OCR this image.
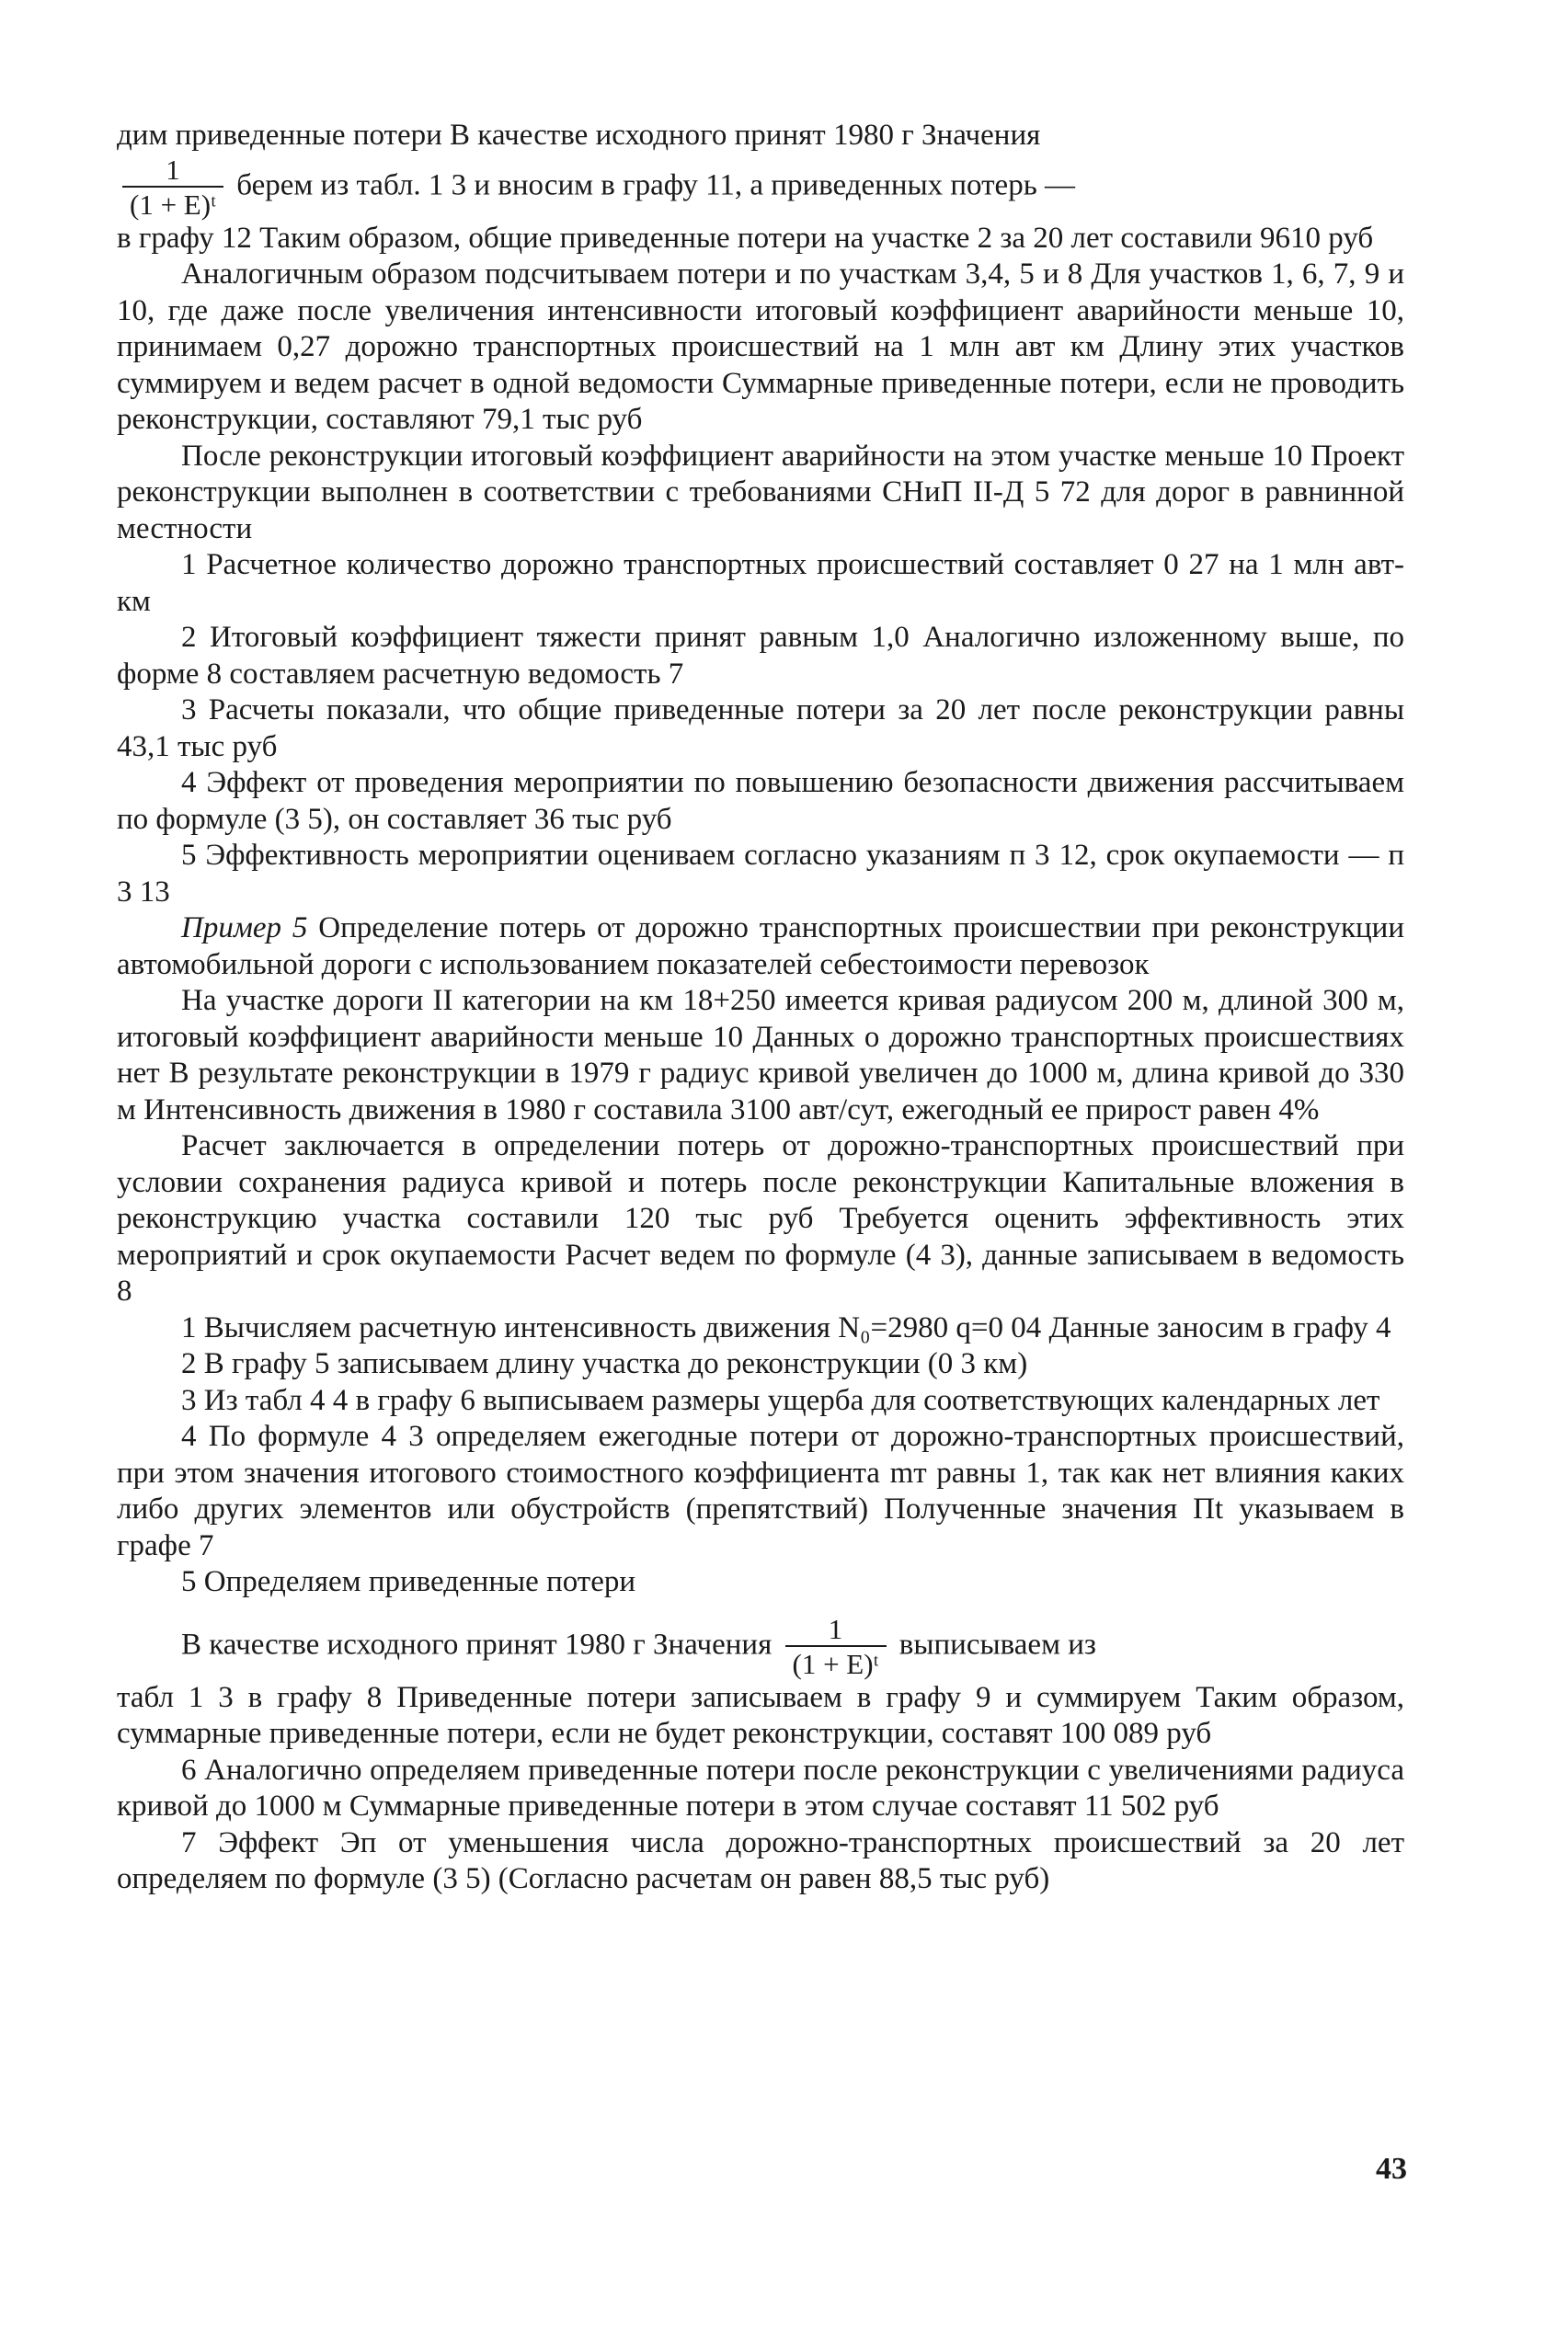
дим приведенные потери В качестве исходного принят 1980 г Значения

$\frac{1}{\text{(1 + E)ᵗ}}$ берем из табл. 1 3 и вносим в графу 11, а приведенных потерь —

в графу 12 Таким образом, общие приведенные потери на участке 2 за 20 лет составили 9610 руб

Аналогичным образом подсчитываем потери и по участкам 3,4, 5 и 8 Для участков 1, 6, 7, 9 и 10, где даже после увеличения интенсивности итоговый коэффициент аварийности меньше 10, принимаем 0,27 дорожно транспортных происшествий на 1 млн авт км Длину этих участков суммируем и ведем расчет в одной ведомости Суммарные приведенные потери, если не проводить реконструкции, составляют 79,1 тыс руб

После реконструкции итоговый коэффициент аварийности на этом участке меньше 10 Проект реконструкции выполнен в соответствии с требованиями СНиП II-Д 5 72 для дорог в равнинной местности

1 Расчетное количество дорожно транспортных происшествий составляет 0 27 на 1 млн авт-км

2 Итоговый коэффициент тяжести принят равным 1,0 Аналогично изложенному выше, по форме 8 составляем расчетную ведомость 7

3 Расчеты показали, что общие приведенные потери за 20 лет после реконструкции равны 43,1 тыс руб

4 Эффект от проведения мероприятии по повышению безопасности движения рассчитываем по формуле (3 5), он составляет 36 тыс руб

5 Эффективность мероприятии оцениваем согласно указаниям п 3 12, срок окупаемости — п 3 13

Пример 5 Определение потерь от дорожно транспортных происшествии при реконструкции автомобильной дороги с использованием показателей себестоимости перевозок

На участке дороги II категории на км 18+250 имеется кривая радиусом 200 м, длиной 300 м, итоговый коэффициент аварийности меньше 10 Данных о дорожно транспортных происшествиях нет В результате реконструкции в 1979 г радиус кривой увеличен до 1000 м, длина кривой до 330 м Интенсивность движения в 1980 г составила 3100 авт/сут, ежегодный ее прирост равен 4%

Расчет заключается в определении потерь от дорожно-транспортных происшествий при условии сохранения радиуса кривой и потерь после реконструкции Капитальные вложения в реконструкцию участка составили 120 тыс руб Требуется оценить эффективность этих мероприятий и срок окупаемости Расчет ведем по формуле (4 3), данные записываем в ведомость 8

1 Вычисляем расчетную интенсивность движения N₀=2980 q=0 04 Данные заносим в графу 4

2 В графу 5 записываем длину участка до реконструкции (0 3 км)

3 Из табл 4 4 в графу 6 выписываем размеры ущерба для соответствующих календарных лет

4 По формуле 4 3 определяем ежегодные потери от дорожно-транспортных происшествий, при этом значения итогового стоимостного коэффициента mт равны 1, так как нет влияния каких либо других элементов или обустройств (препятствий) Полученные значения Пt указываем в графе 7

5 Определяем приведенные потери

В качестве исходного принят 1980 г Значения $\frac{1}{\text{(1 + E)ᵗ}}$ выписываем из

табл 1 3 в графу 8 Приведенные потери записываем в графу 9 и суммируем Таким образом, суммарные приведенные потери, если не будет реконструкции, составят 100 089 руб

6 Аналогично определяем приведенные потери после реконструкции с увеличениями радиуса кривой до 1000 м Суммарные приведенные потери в этом случае составят 11 502 руб

7 Эффект Эп от уменьшения числа дорожно-транспортных происшествий за 20 лет определяем по формуле (3 5) (Согласно расчетам он равен 88,5 тыс руб)

43
